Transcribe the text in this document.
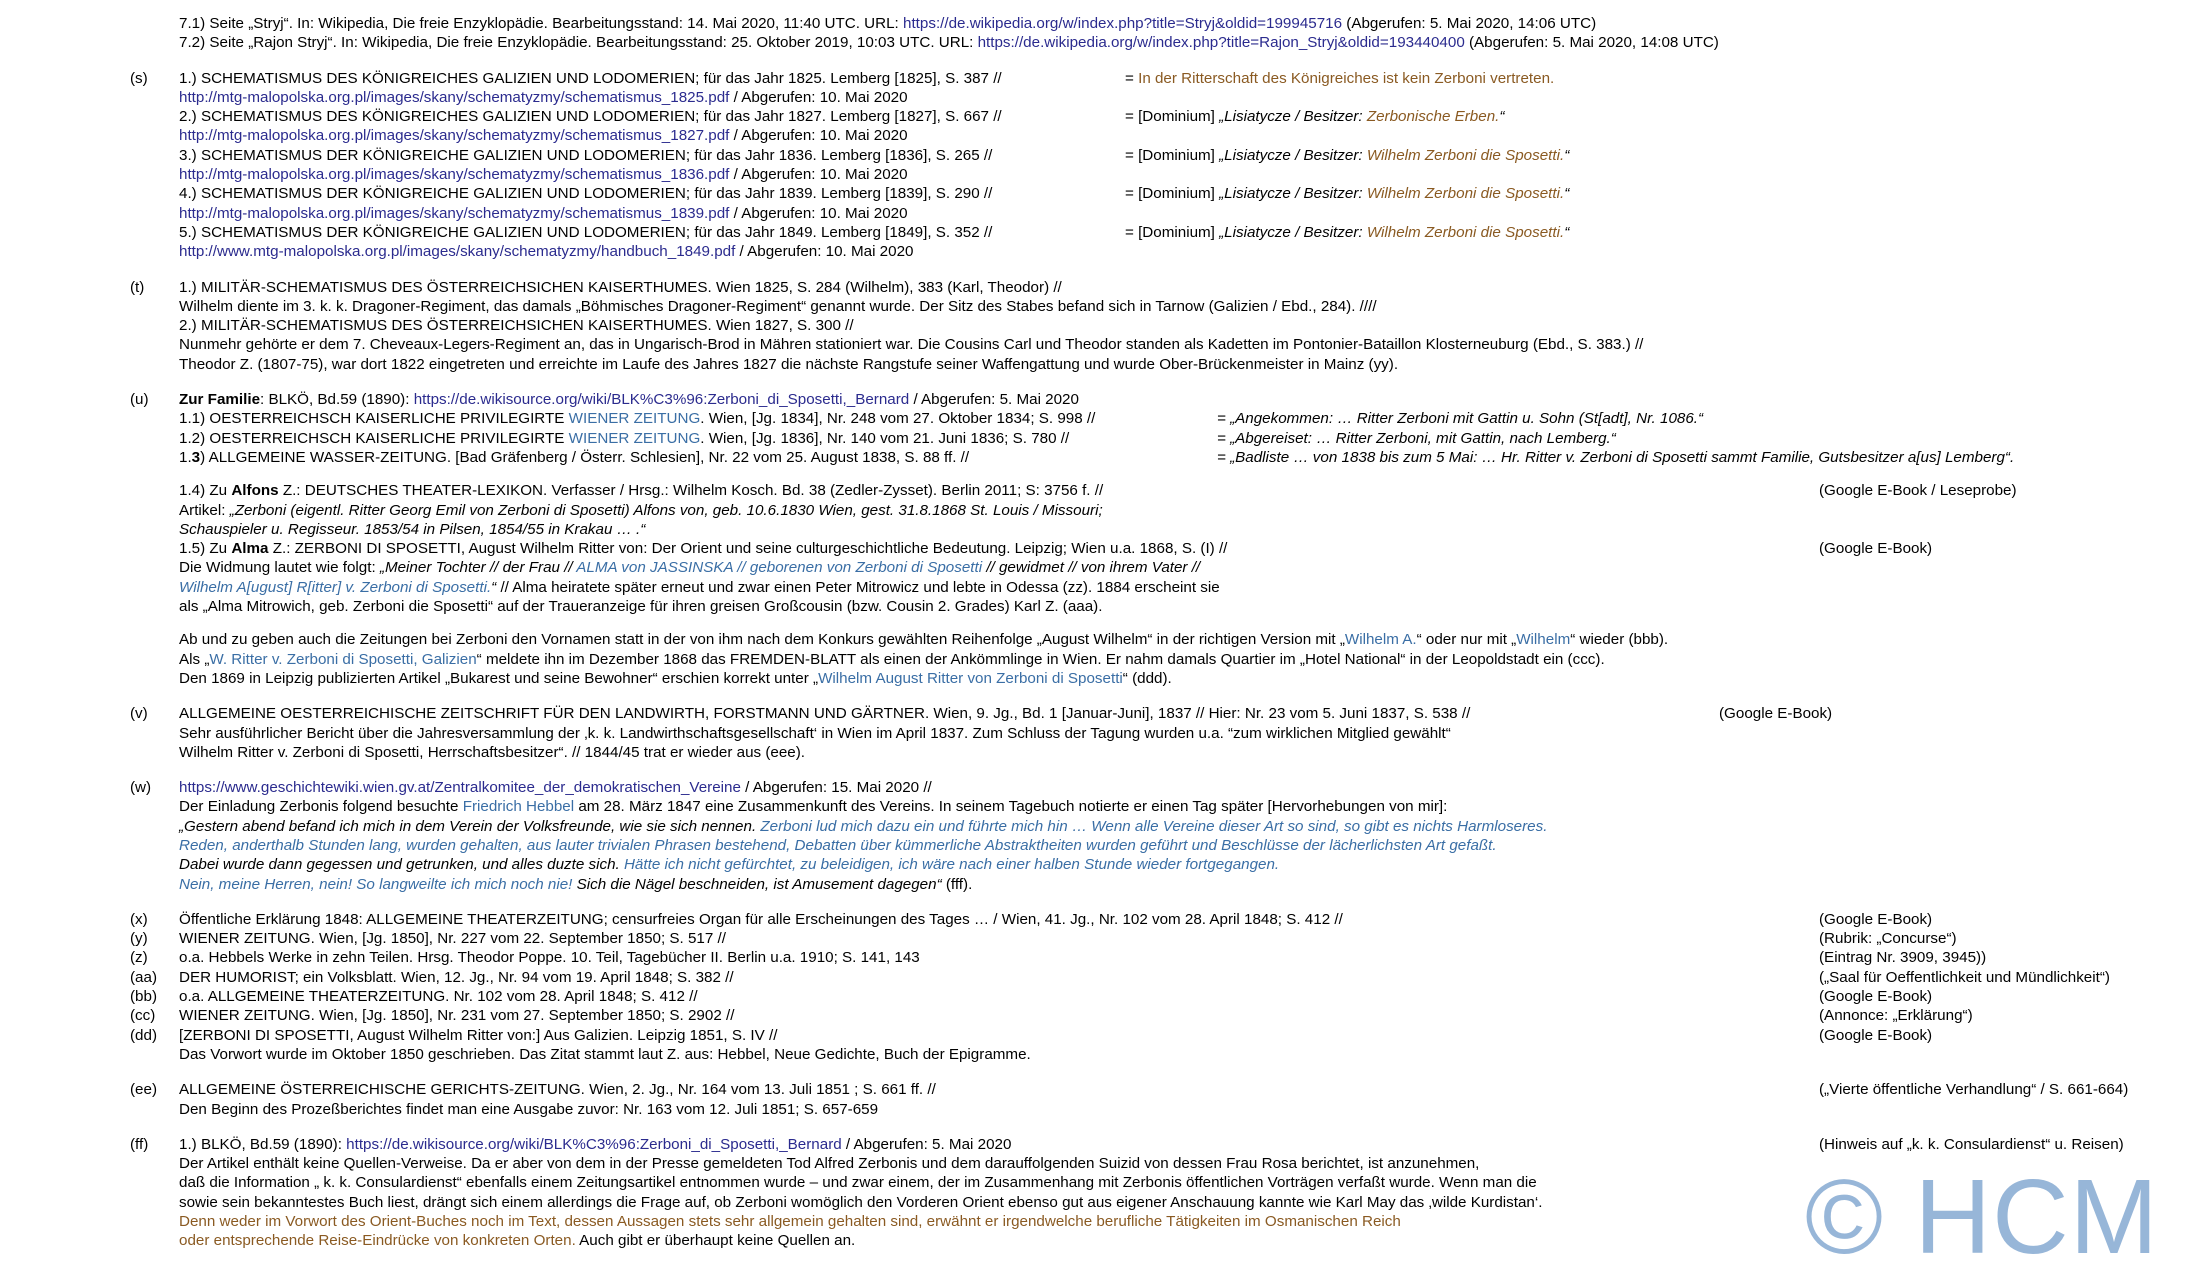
7.1) Seite „Stryj“. In: Wikipedia, Die freie Enzyklopädie. Bearbeitungsstand: 14. Mai 2020, 11:40 UTC. URL: https://de.wikipedia.org/w/index.php?title=Stryj&oldid=199945716 (Abgerufen: 5. Mai 2020, 14:06 UTC)
7.2) Seite „Rajon Stryj“. In: Wikipedia, Die freie Enzyklopädie. Bearbeitungsstand: 25. Oktober 2019, 10:03 UTC. URL: https://de.wikipedia.org/w/index.php?title=Rajon_Stryj&oldid=193440400 (Abgerufen: 5. Mai 2020, 14:08 UTC)
(s)	1.) SCHEMATISMUS DES KÖNIGREICHES GALIZIEN UND LODOMERIEN; für das Jahr 1825. Lemberg [1825], S. 387 //	= In der Ritterschaft des Königreiches ist kein Zerboni vertreten.
http://mtg-malopolska.org.pl/images/skany/schematyzmy/schematismus_1825.pdf / Abgerufen: 10. Mai 2020
2.) SCHEMATISMUS DES KÖNIGREICHES GALIZIEN UND LODOMERIEN; für das Jahr 1827. Lemberg [1827], S. 667 //	= [Dominium] „Lisiatycze / Besitzer: Zerbonische Erben.“
http://mtg-malopolska.org.pl/images/skany/schematyzmy/schematismus_1827.pdf / Abgerufen: 10. Mai 2020
3.) SCHEMATISMUS DER KÖNIGREICHE GALIZIEN UND LODOMERIEN; für das Jahr 1836. Lemberg [1836], S. 265 //	= [Dominium] „Lisiatycze / Besitzer: Wilhelm Zerboni die Sposetti.“
http://mtg-malopolska.org.pl/images/skany/schematyzmy/schematismus_1836.pdf / Abgerufen: 10. Mai 2020
4.) SCHEMATISMUS DER KÖNIGREICHE GALIZIEN UND LODOMERIEN; für das Jahr 1839. Lemberg [1839], S. 290 //	= [Dominium] „Lisiatycze / Besitzer: Wilhelm Zerboni die Sposetti.“
http://mtg-malopolska.org.pl/images/skany/schematyzmy/schematismus_1839.pdf / Abgerufen: 10. Mai 2020
5.) SCHEMATISMUS DER KÖNIGREICHE GALIZIEN UND LODOMERIEN; für das Jahr 1849. Lemberg [1849], S. 352 //	= [Dominium] „Lisiatycze / Besitzer: Wilhelm Zerboni die Sposetti.“
http://www.mtg-malopolska.org.pl/images/skany/schematyzmy/handbuch_1849.pdf / Abgerufen: 10. Mai 2020
(t)	1.) MILITÄR-SCHEMATISMUS DES ÖSTERREICHSICHEN KAISERTHUMES. Wien 1825, S. 284 (Wilhelm), 383 (Karl, Theodor) //
Wilhelm diente im 3. k. k. Dragoner-Regiment, das damals „Böhmisches Dragoner-Regiment“ genannt wurde. Der Sitz des Stabes befand sich in Tarnow (Galizien / Ebd., 284). ////
2.) MILITÄR-SCHEMATISMUS DES ÖSTERREICHSICHEN KAISERTHUMES. Wien 1827, S. 300 //
Nunmehr gehörte er dem 7. Cheveaux-Legers-Regiment an, das in Ungarisch-Brod in Mähren stationiert war. Die Cousins Carl und Theodor standen als Kadetten im Pontonier-Bataillon Klosterneuburg (Ebd., S. 383.) //
Theodor Z. (1807-75), war dort 1822 eingetreten und erreichte im Laufe des Jahres 1827 die nächste Rangstufe seiner Waffengattung und wurde Ober-Brückenmeister in Mainz (yy).
(u)	Zur Familie: BLKÖ, Bd.59 (1890): https://de.wikisource.org/wiki/BLK%C3%96:Zerboni_di_Sposetti,_Bernard / Abgerufen: 5. Mai 2020
1.1) OESTERREICHSCH KAISERLICHE PRIVILEGIRTE WIENER ZEITUNG. Wien, [Jg. 1834], Nr. 248 vom 27. Oktober 1834; S. 998 //	= „Angekommen: … Ritter Zerboni mit Gattin u. Sohn (St[adt], Nr. 1086.“
1.2) OESTERREICHSCH KAISERLICHE PRIVILEGIRTE WIENER ZEITUNG. Wien, [Jg. 1836], Nr. 140 vom 21. Juni 1836; S. 780 //	= „Abgereiset: … Ritter Zerboni, mit Gattin, nach Lemberg.“
1.3) ALLGEMEINE WASSER-ZEITUNG. [Bad Gräfenberg / Österr. Schlesien], Nr. 22 vom 25. August 1838, S. 88 ff. //	= „Badliste … von 1838 bis zum 5 Mai: … Hr. Ritter v. Zerboni di Sposetti sammt Familie, Gutsbesitzer a[us] Lemberg“.
1.4) Zu Alfons Z.: DEUTSCHES THEATER-LEXIKON. Verfasser / Hrsg.: Wilhelm Kosch. Bd. 38 (Zedler-Zysset). Berlin 2011; S: 3756 f. //	(Google E-Book / Leseprobe)
Artikel: „Zerboni (eigentl. Ritter Georg Emil von Zerboni di Sposetti) Alfons von, geb. 10.6.1830 Wien, gest. 31.8.1868 St. Louis / Missouri;
Schauspieler u. Regisseur. 1853/54 in Pilsen, 1854/55 in Krakau … .“
1.5) Zu Alma Z.: ZERBONI DI SPOSETTI, August Wilhelm Ritter von: Der Orient und seine culturgeschichtliche Bedeutung. Leipzig; Wien u.a. 1868, S. (I) //	(Google E-Book)
Die Widmung lautet wie folgt: „Meiner Tochter // der Frau // ALMA von JASSINSKA // geborenen von Zerboni di Sposetti // gewidmet // von ihrem Vater //
Wilhelm A[ugust] R[itter] v. Zerboni di Sposetti.“ // Alma heiratete später erneut und zwar einen Peter Mitrowicz und lebte in Odessa (zz). 1884 erscheint sie
als „Alma Mitrowich, geb. Zerboni die Sposetti“ auf der Traueranzeige für ihren greisen Großcousin (bzw. Cousin 2. Grades) Karl Z. (aaa).
Ab und zu geben auch die Zeitungen bei Zerboni den Vornamen statt in der von ihm nach dem Konkurs gewählten Reihenfolge „August Wilhelm“ in der richtigen Version mit „Wilhelm A.“ oder nur mit „Wilhelm“ wieder (bbb).
Als „W. Ritter v. Zerboni di Sposetti, Galizien“ meldete ihn im Dezember 1868 das FREMDEN-BLATT als einen der Ankömmlinge in Wien. Er nahm damals Quartier im „Hotel National“ in der Leopoldstadt ein (ccc).
Den 1869 in Leipzig publizierten Artikel „Bukarest und seine Bewohner“ erschien korrekt unter „Wilhelm August Ritter von Zerboni di Sposetti“ (ddd).
(v)	ALLGEMEINE OESTERREICHISCHE ZEITSCHRIFT FÜR DEN LANDWIRTH, FORSTMANN UND GÄRTNER. Wien, 9. Jg., Bd. 1 [Januar-Juni], 1837 // Hier: Nr. 23 vom 5. Juni 1837, S. 538 //	(Google E-Book)
Sehr ausführlicher Bericht über die Jahresversammlung der ‚k. k. Landwirthschaftsgesellschaft‘ in Wien im April 1837. Zum Schluss der Tagung wurden u.a. “zum wirklichen Mitglied gewählt“
Wilhelm Ritter v. Zerboni di Sposetti, Herrschaftsbesitzer“. // 1844/45 trat er wieder aus (eee).
(w)	https://www.geschichtewiki.wien.gv.at/Zentralkomitee_der_demokratischen_Vereine / Abgerufen: 15. Mai 2020 //
Der Einladung Zerbonis folgend besuchte Friedrich Hebbel am 28. März 1847 eine Zusammenkunft des Vereins. In seinem Tagebuch notierte er einen Tag später [Hervorhebungen von mir]:
„Gestern abend befand ich mich in dem Verein der Volksfreunde, wie sie sich nennen. Zerboni lud mich dazu ein und führte mich hin … Wenn alle Vereine dieser Art so sind, so gibt es nichts Harmloseres.
Reden, anderthalb Stunden lang, wurden gehalten, aus lauter trivialen Phrasen bestehend, Debatten über kümmerliche Abstraktheiten wurden geführt und Beschlüsse der lächerlichsten Art gefaßt.
Dabei wurde dann gegessen und getrunken, und alles duzte sich. Hätte ich nicht gefürchtet, zu beleidigen, ich wäre nach einer halben Stunde wieder fortgegangen.
Nein, meine Herren, nein! So langweilte ich mich noch nie! Sich die Nägel beschneiden, ist Amusement dagegen“ (fff).
(x) Öffentliche Erklärung 1848: ALLGEMEINE THEATERZEITUNG; censurfreies Organ für alle Erscheinungen des Tages … / Wien, 41. Jg., Nr. 102 vom 28. April 1848; S. 412 //	(Google E-Book)
(y) WIENER ZEITUNG. Wien, [Jg. 1850], Nr. 227 vom 22. September 1850; S. 517 //	(Rubrik: „Concurse“)
(z) o.a. Hebbels Werke in zehn Teilen. Hrsg. Theodor Poppe. 10. Teil, Tagebücher II. Berlin u.a. 1910; S. 141, 143	(Eintrag Nr. 3909, 3945))
(aa) DER HUMORIST; ein Volksblatt. Wien, 12. Jg., Nr. 94 vom 19. April 1848; S. 382 //	(„Saal für Oeffentlichkeit und Mündlichkeit“)
(bb) o.a. ALLGEMEINE THEATERZEITUNG. Nr. 102 vom 28. April 1848; S. 412 //	(Google E-Book)
(cc) WIENER ZEITUNG. Wien, [Jg. 1850], Nr. 231 vom 27. September 1850; S. 2902 //	(Annonce: „Erklärung“)
(dd) [ZERBONI DI SPOSETTI, August Wilhelm Ritter von:] Aus Galizien. Leipzig 1851, S. IV //	(Google E-Book)
Das Vorwort wurde im Oktober 1850 geschrieben. Das Zitat stammt laut Z. aus: Hebbel, Neue Gedichte, Buch der Epigramme.
(ee)	ALLGEMEINE ÖSTERREICHISCHE GERICHTS-ZEITUNG. Wien, 2. Jg., Nr. 164 vom 13. Juli 1851 ; S. 661 ff. //	(„Vierte öffentliche Verhandlung“ / S. 661-664)
Den Beginn des Prozeßberichtes findet man eine Ausgabe zuvor: Nr. 163 vom 12. Juli 1851; S. 657-659
(ff)	1.) BLKÖ, Bd.59 (1890): https://de.wikisource.org/wiki/BLK%C3%96:Zerboni_di_Sposetti,_Bernard / Abgerufen: 5. Mai 2020	(Hinweis auf „k. k. Consulardienst“ u. Reisen)
Der Artikel enthält keine Quellen-Verweise. Da er aber von dem in der Presse gemeldeten Tod Alfred Zerbonis und dem darauffolgenden Suizid von dessen Frau Rosa berichtet, ist anzunehmen,
daß die Information „ k. k. Consulardienst“ ebenfalls einem Zeitungsartikel entnommen wurde – und zwar einem, der im Zusammenhang mit Zerbonis öffentlichen Vorträgen verfaßt wurde. Wenn man die
sowie sein bekanntestes Buch liest, drängt sich einem allerdings die Frage auf, ob Zerboni womöglich den Vorderen Orient ebenso gut aus eigener Anschauung kannte wie Karl May das ‚wilde Kurdistan‘.
Denn weder im Vorwort des Orient-Buches noch im Text, dessen Aussagen stets sehr allgemein gehalten sind, erwähnt er irgendwelche berufliche Tätigkeiten im Osmanischen Reich
oder entsprechende Reise-Eindrücke von konkreten Orten. Auch gibt er überhaupt keine Quellen an.	© HCM
